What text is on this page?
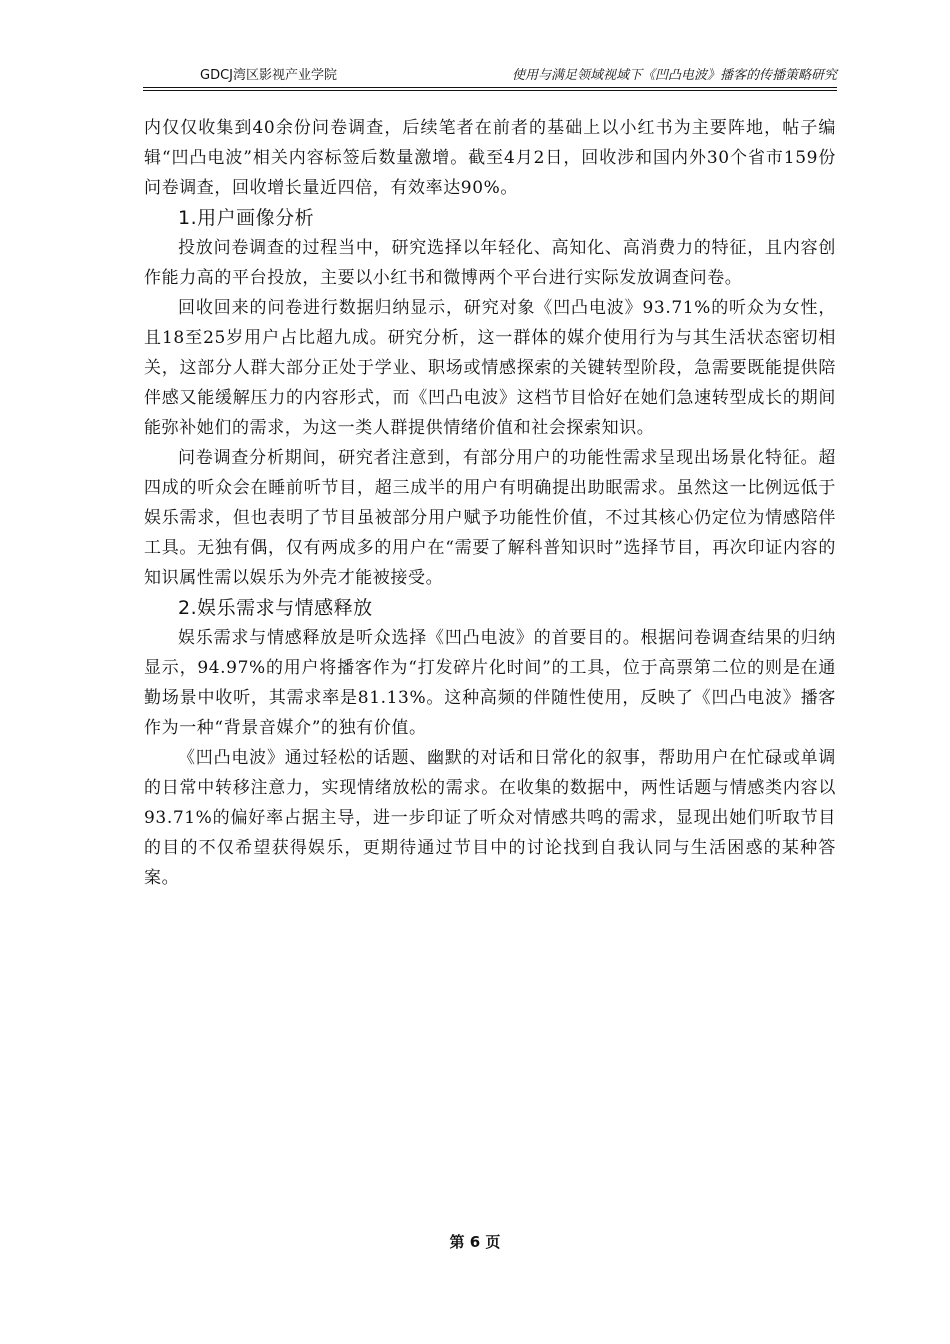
GDCJ湾区影视产业学院	使用与满足领域视域下《凹凸电波》播客的传播策略研究

内仅仅收集到40余份问卷调查，后续笔者在前者的基础上以小红书为主要阵地，帖子编辑“凹凸电波”相关内容标签后数量激增。截至4月2日，回收涉和国内外30个省市159份问卷调查，回收增长量近四倍，有效率达90%。

1.用户画像分析

投放问卷调查的过程当中，研究选择以年轻化、高知化、高消费力的特征，且内容创作能力高的平台投放，主要以小红书和微博两个平台进行实际发放调查问卷。

回收回来的问卷进行数据归纳显示，研究对象《凹凸电波》93.71%的听众为女性，且18至25岁用户占比超九成。研究分析，这一群体的媒介使用行为与其生活状态密切相关，这部分人群大部分正处于学业、职场或情感探索的关键转型阶段，急需要既能提供陪伴感又能缓解压力的内容形式，而《凹凸电波》这档节目恰好在她们急速转型成长的期间能弥补她们的需求，为这一类人群提供情绪价值和社会探索知识。

问卷调查分析期间，研究者注意到，有部分用户的功能性需求呈现出场景化特征。超四成的听众会在睡前听节目，超三成半的用户有明确提出助眠需求。虽然这一比例远低于娱乐需求，但也表明了节目虽被部分用户赋予功能性价值，不过其核心仍定位为情感陪伴工具。无独有偶，仅有两成多的用户在“需要了解科普知识时”选择节目，再次印证内容的知识属性需以娱乐为外壳才能被接受。

2.娱乐需求与情感释放

娱乐需求与情感释放是听众选择《凹凸电波》的首要目的。根据问卷调查结果的归纳显示，94.97%的用户将播客作为“打发碎片化时间”的工具，位于高票第二位的则是在通勤场景中收听，其需求率是81.13%。这种高频的伴随性使用，反映了《凹凸电波》播客作为一种“背景音媒介”的独有价值。

《凹凸电波》通过轻松的话题、幽默的对话和日常化的叙事，帮助用户在忙碌或单调的日常中转移注意力，实现情绪放松的需求。在收集的数据中，两性话题与情感类内容以93.71%的偏好率占据主导，进一步印证了听众对情感共鸣的需求，显现出她们听取节目的目的不仅希望获得娱乐，更期待通过节目中的讨论找到自我认同与生活困惑的某种答案。

第 6 页
